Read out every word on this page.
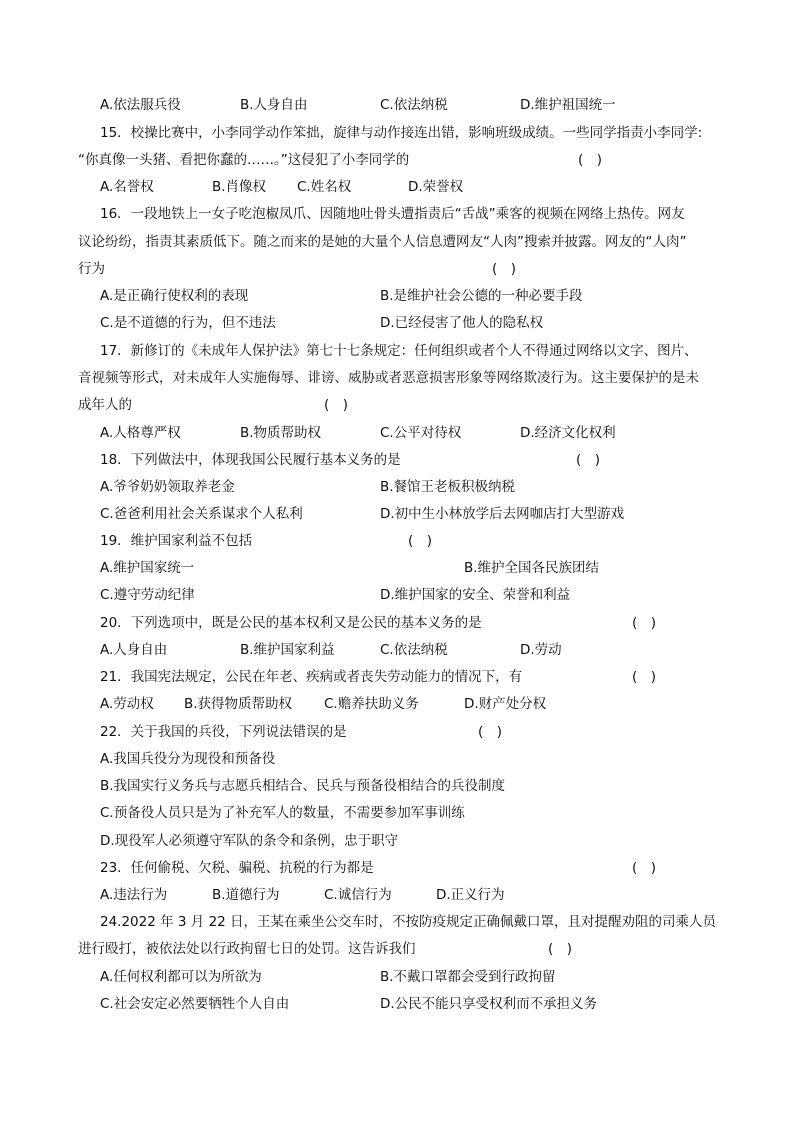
A.依法服兵役	B.人身自由	C.依法纳税	D.维护祖国统一
15．校操比赛中，小李同学动作笨拙，旋律与动作接连出错，影响班级成绩。一些同学指责小李同学:
“你真像一头猪、看把你蠢的……。”这侵犯了小李同学的	(　)
A.名誉权	B.肖像权 C.姓名权	D.荣誉权
16．一段地铁上一女子吃泡椒凤爪、因随地吐骨头遭指责后“舌战”乘客的视频在网络上热传。网友
议论纷纷，指责其素质低下。随之而来的是她的大量个人信息遭网友“人肉”搜索并披露。网友的“人肉”
行为	(　)
A.是正确行使权利的表现	B.是维护社会公德的一种必要手段
C.是不道德的行为，但不违法	D.已经侵害了他人的隐私权
17．新修订的《未成年人保护法》第七十七条规定：任何组织或者个人不得通过网络以文字、图片、
音视频等形式，对未成年人实施侮辱、诽谤、威胁或者恶意损害形象等网络欺凌行为。这主要保护的是未
成年人的	(　)
A.人格尊严权	B.物质帮助权	C.公平对待权	D.经济文化权利
18．下列做法中，体现我国公民履行基本义务的是	(　)
A.爷爷奶奶领取养老金	B.餐馆王老板积极纳税
C.爸爸利用社会关系谋求个人私利	D.初中生小林放学后去网咖店打大型游戏
19．维护国家利益不包括	(　)
A.维护国家统一	B.维护全国各民族团结
C.遵守劳动纪律	D.维护国家的安全、荣誉和利益
20．下列选项中，既是公民的基本权利又是公民的基本义务的是	(　)
A.人身自由	B.维护国家利益	C.依法纳税	D.劳动
21．我国宪法规定，公民在年老、疾病或者丧失劳动能力的情况下，有	(　)
A.劳动权 B.获得物质帮助权 C.赡养扶助义务	D.财产处分权
22．关于我国的兵役，下列说法错误的是	(　)
A.我国兵役分为现役和预备役
B.我国实行义务兵与志愿兵相结合、民兵与预备役相结合的兵役制度
C.预备役人员只是为了补充军人的数量，不需要参加军事训练
D.现役军人必须遵守军队的条令和条例，忠于职守
23．任何偷税、欠税、骗税、抗税的行为都是	(　)
A.违法行为	B.道德行为	C.诚信行为	D.正义行为
24.2022 年 3 月 22 日，王某在乘坐公交车时，不按防疫规定正确佩戴口罩，且对提醒劝阻的司乘人员
进行殴打，被依法处以行政拘留七日的处罚。这告诉我们	(　)
A.任何权利都可以为所欲为	B.不戴口罩都会受到行政拘留
C.社会安定必然要牺牲个人自由	D.公民不能只享受权利而不承担义务
